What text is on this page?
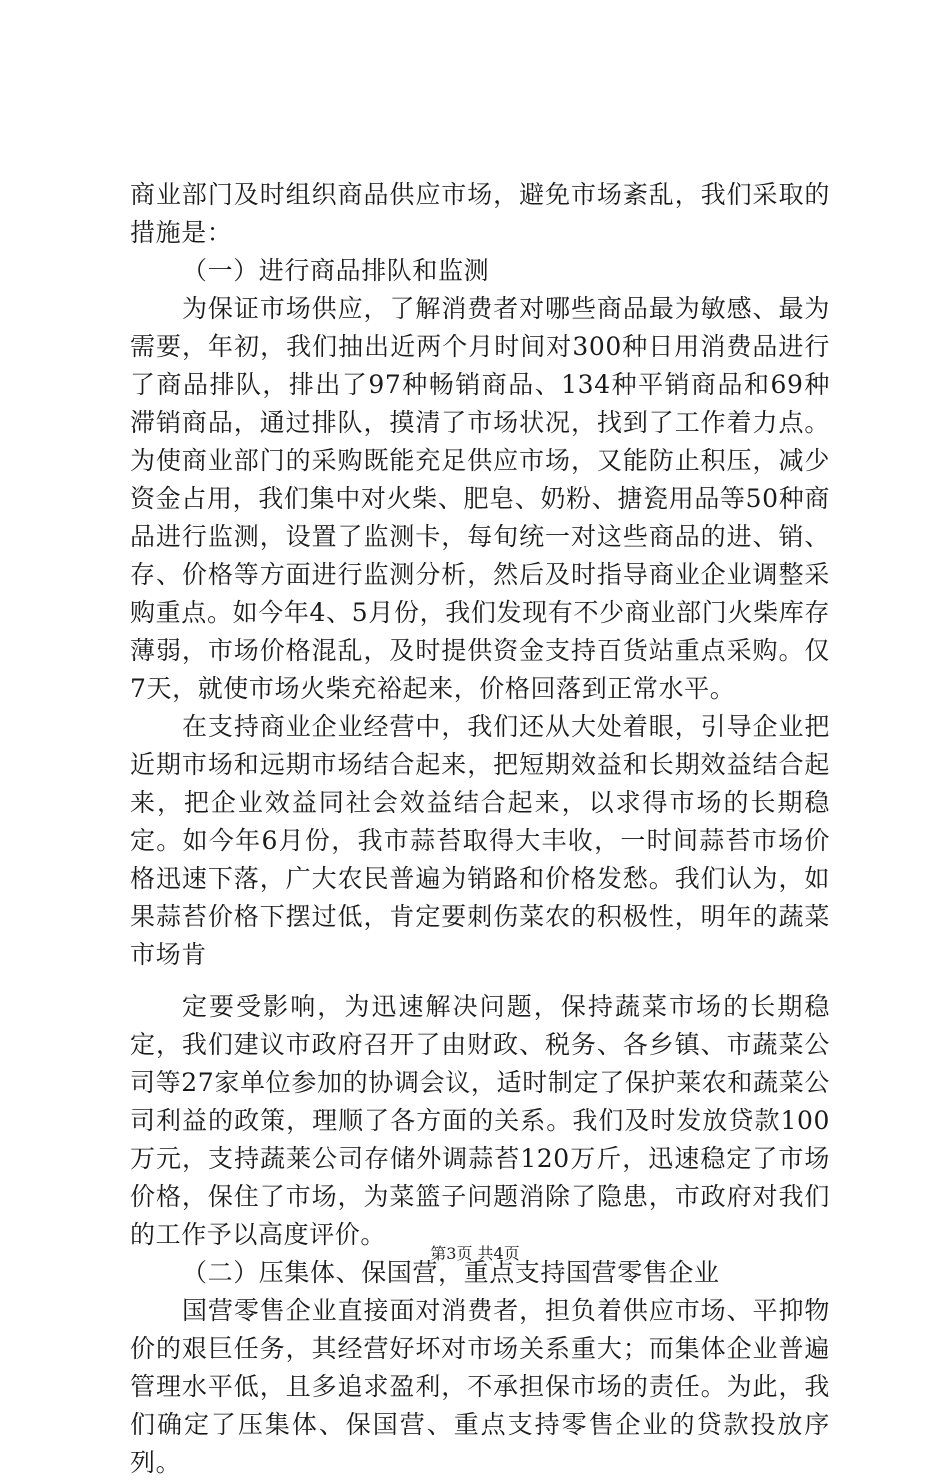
商业部门及时组织商品供应市场，避免市场紊乱，我们采取的措施是：

（一）进行商品排队和监测

为保证市场供应，了解消费者对哪些商品最为敏感、最为需要，年初，我们抽出近两个月时间对300种日用消费品进行了商品排队，排出了97种畅销商品、134种平销商品和69种滞销商品，通过排队，摸清了市场状况，找到了工作着力点。为使商业部门的采购既能充足供应市场，又能防止积压，减少资金占用，我们集中对火柴、肥皂、奶粉、搪瓷用品等50种商品进行监测，设置了监测卡，每旬统一对这些商品的进、销、存、价格等方面进行监测分析，然后及时指导商业企业调整采购重点。如今年4、5月份，我们发现有不少商业部门火柴库存薄弱，市场价格混乱，及时提供资金支持百货站重点采购。仅7天，就使市场火柴充裕起来，价格回落到正常水平。

在支持商业企业经营中，我们还从大处着眼，引导企业把近期市场和远期市场结合起来，把短期效益和长期效益结合起来，把企业效益同社会效益结合起来，以求得市场的长期稳定。如今年6月份，我市蒜苔取得大丰收，一时间蒜苔市场价格迅速下落，广大农民普遍为销路和价格发愁。我们认为，如果蒜苔价格下摆过低，肯定要刺伤菜农的积极性，明年的蔬菜市场肯

定要受影响，为迅速解决问题，保持蔬菜市场的长期稳定，我们建议市政府召开了由财政、税务、各乡镇、市蔬菜公司等27家单位参加的协调会议，适时制定了保护莱农和蔬菜公司利益的政策，理顺了各方面的关系。我们及时发放贷款100万元，支持蔬莱公司存储外调蒜苔120万斤，迅速稳定了市场价格，保住了市场，为菜篮子问题消除了隐患，市政府对我们的工作予以高度评价。

（二）压集体、保国营，重点支持国营零售企业

国营零售企业直接面对消费者，担负着供应市场、平抑物价的艰巨任务，其经营好坏对市场关系重大；而集体企业普遍管理水平低，且多追求盈利，不承担保市场的责任。为此，我们确定了压集体、保国营、重点支持零售企业的贷款投放序列。

第3页 共4页
